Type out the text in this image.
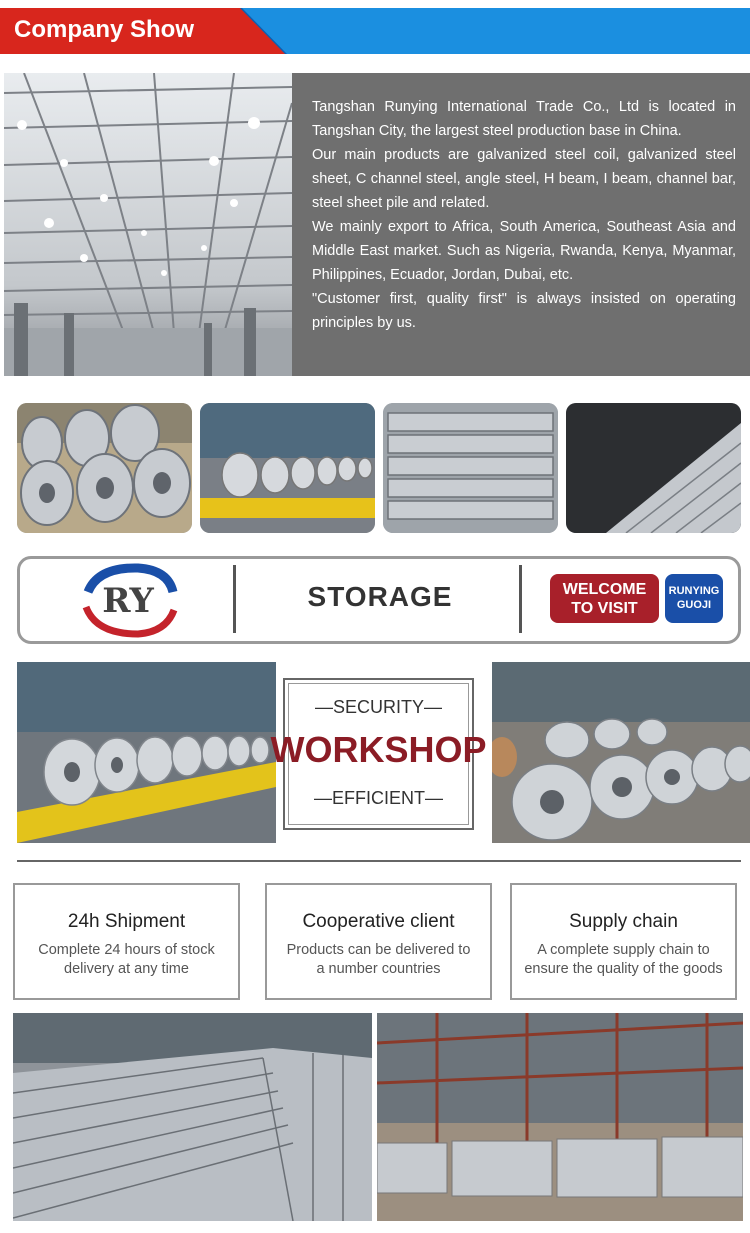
Company Show

Tangshan Runying International Trade Co., Ltd is located in Tangshan City, the largest steel production base in China.

Our main products are galvanized steel coil, galvanized steel sheet, C channel steel, angle steel, H beam, I beam, channel bar, steel sheet pile and related.

We mainly export to Africa, South America, Southeast Asia and Middle East market. Such as Nigeria, Rwanda, Kenya, Myanmar, Philippines, Ecuador, Jordan, Dubai, etc.

"Customer first, quality first" is always insisted on operating principles by us.

RY	STORAGE	WELCOME
TO VISIT
RUNYING
GUOJI
—SECURITY—
WORKSHOP
—EFFICIENT—
24h Shipment

Complete 24 hours of stock
delivery at any time

Cooperative client

Products can be delivered to
a number countries

Supply chain

A complete supply chain to
ensure the quality of the goods
